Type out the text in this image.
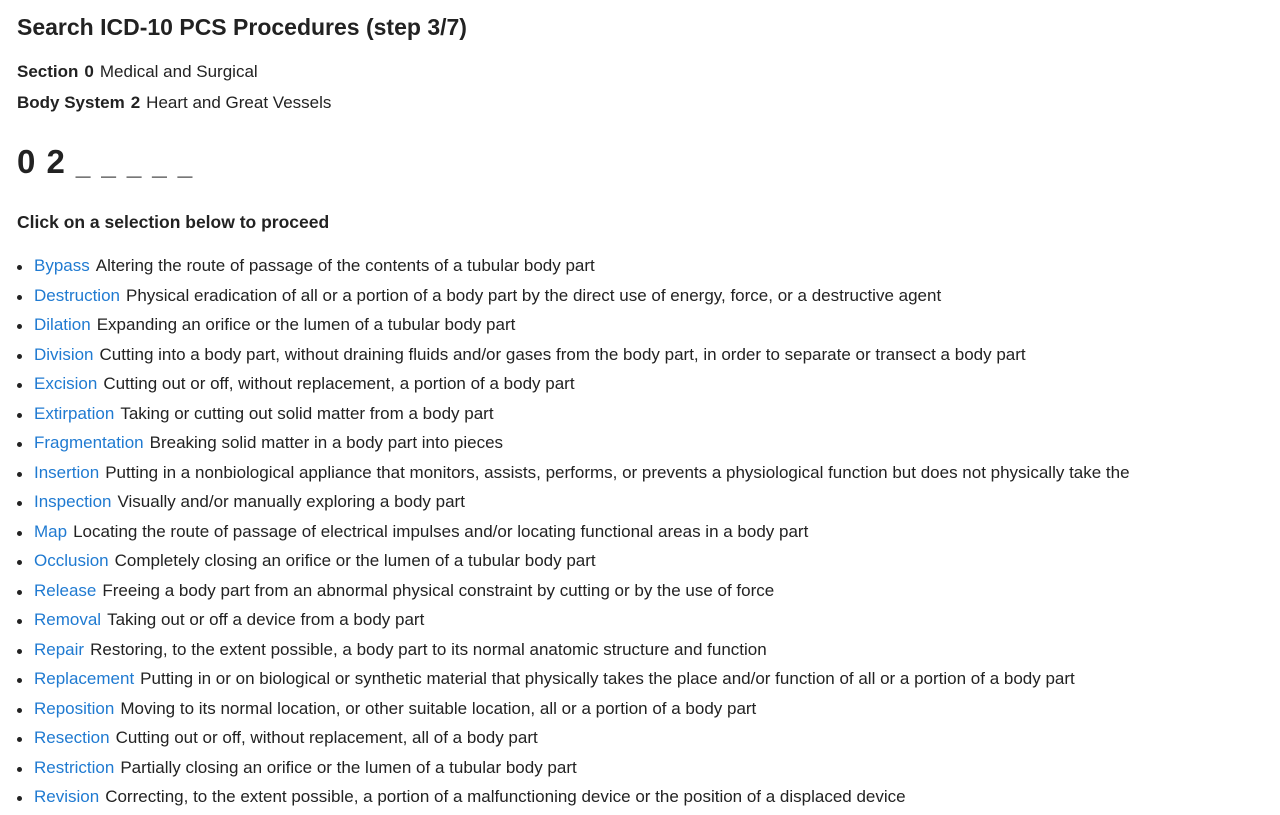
Search ICD-10 PCS Procedures (step 3/7)
Section 0 Medical and Surgical
Body System 2 Heart and Great Vessels
0 2 _ _ _ _ _
Click on a selection below to proceed
Bypass Altering the route of passage of the contents of a tubular body part
Destruction Physical eradication of all or a portion of a body part by the direct use of energy, force, or a destructive agent
Dilation Expanding an orifice or the lumen of a tubular body part
Division Cutting into a body part, without draining fluids and/or gases from the body part, in order to separate or transect a body part
Excision Cutting out or off, without replacement, a portion of a body part
Extirpation Taking or cutting out solid matter from a body part
Fragmentation Breaking solid matter in a body part into pieces
Insertion Putting in a nonbiological appliance that monitors, assists, performs, or prevents a physiological function but does not physically take the
Inspection Visually and/or manually exploring a body part
Map Locating the route of passage of electrical impulses and/or locating functional areas in a body part
Occlusion Completely closing an orifice or the lumen of a tubular body part
Release Freeing a body part from an abnormal physical constraint by cutting or by the use of force
Removal Taking out or off a device from a body part
Repair Restoring, to the extent possible, a body part to its normal anatomic structure and function
Replacement Putting in or on biological or synthetic material that physically takes the place and/or function of all or a portion of a body part
Reposition Moving to its normal location, or other suitable location, all or a portion of a body part
Resection Cutting out or off, without replacement, all of a body part
Restriction Partially closing an orifice or the lumen of a tubular body part
Revision Correcting, to the extent possible, a portion of a malfunctioning device or the position of a displaced device
